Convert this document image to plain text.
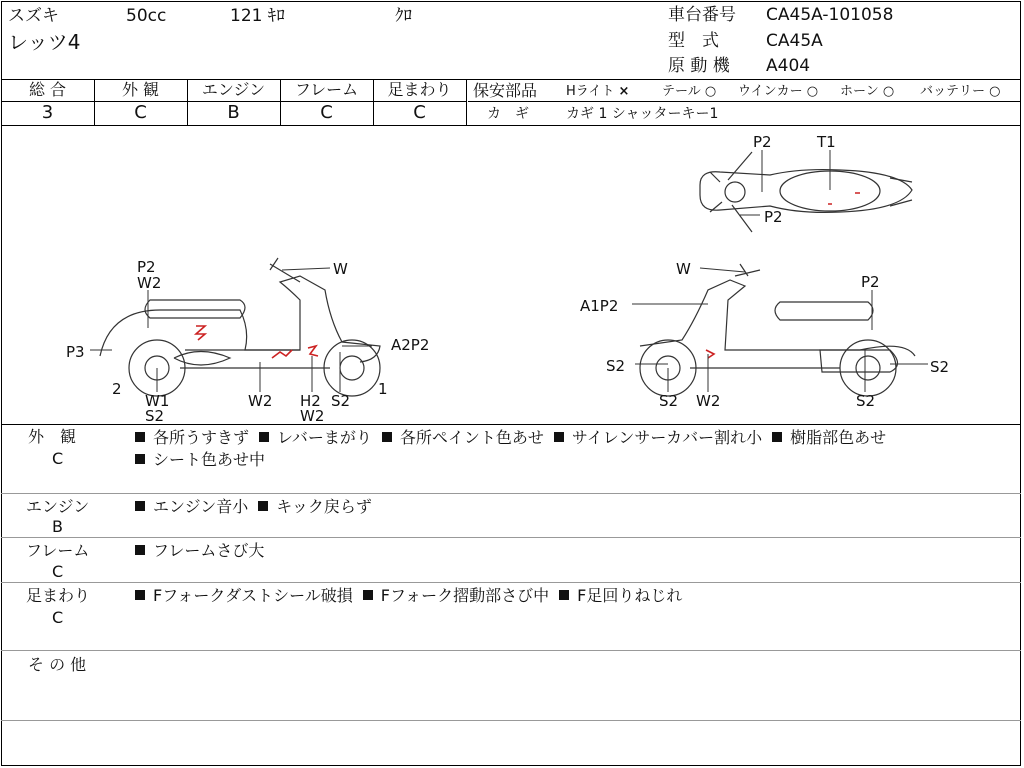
スズキ	50cc	121 ｷﾛ	ｸﾛ
レッツ4
車台番号 CA45A-101058
型　式	CA45A
原 動 機 A404
総 合	外 観	エンジン	フレーム	足まわり
3	C	B	C	C
保安部品 Hライト ×	テール ○ ウインカー ○ ホーン ○ バッテリー ○
カ　ギ	カギ 1 シャッターキー1
P2	T1
P2
P2
W2
W
P3	A2P2
2
W1
S2
W2 H2
W2
S2
1
W
P2
A1P2
S2	S2
S2 W2	S2
外　観
C
各所うすきず レバーまがり 各所ペイント色あせ サイレンサーカバー割れ小 樹脂部色あせ
シート色あせ中
エンジン
B
エンジン音小 キック戻らず
フレーム
C
フレームさび大
足まわり
C
Fフォークダストシール破損 Fフォーク摺動部さび中 F足回りねじれ
そ の 他
